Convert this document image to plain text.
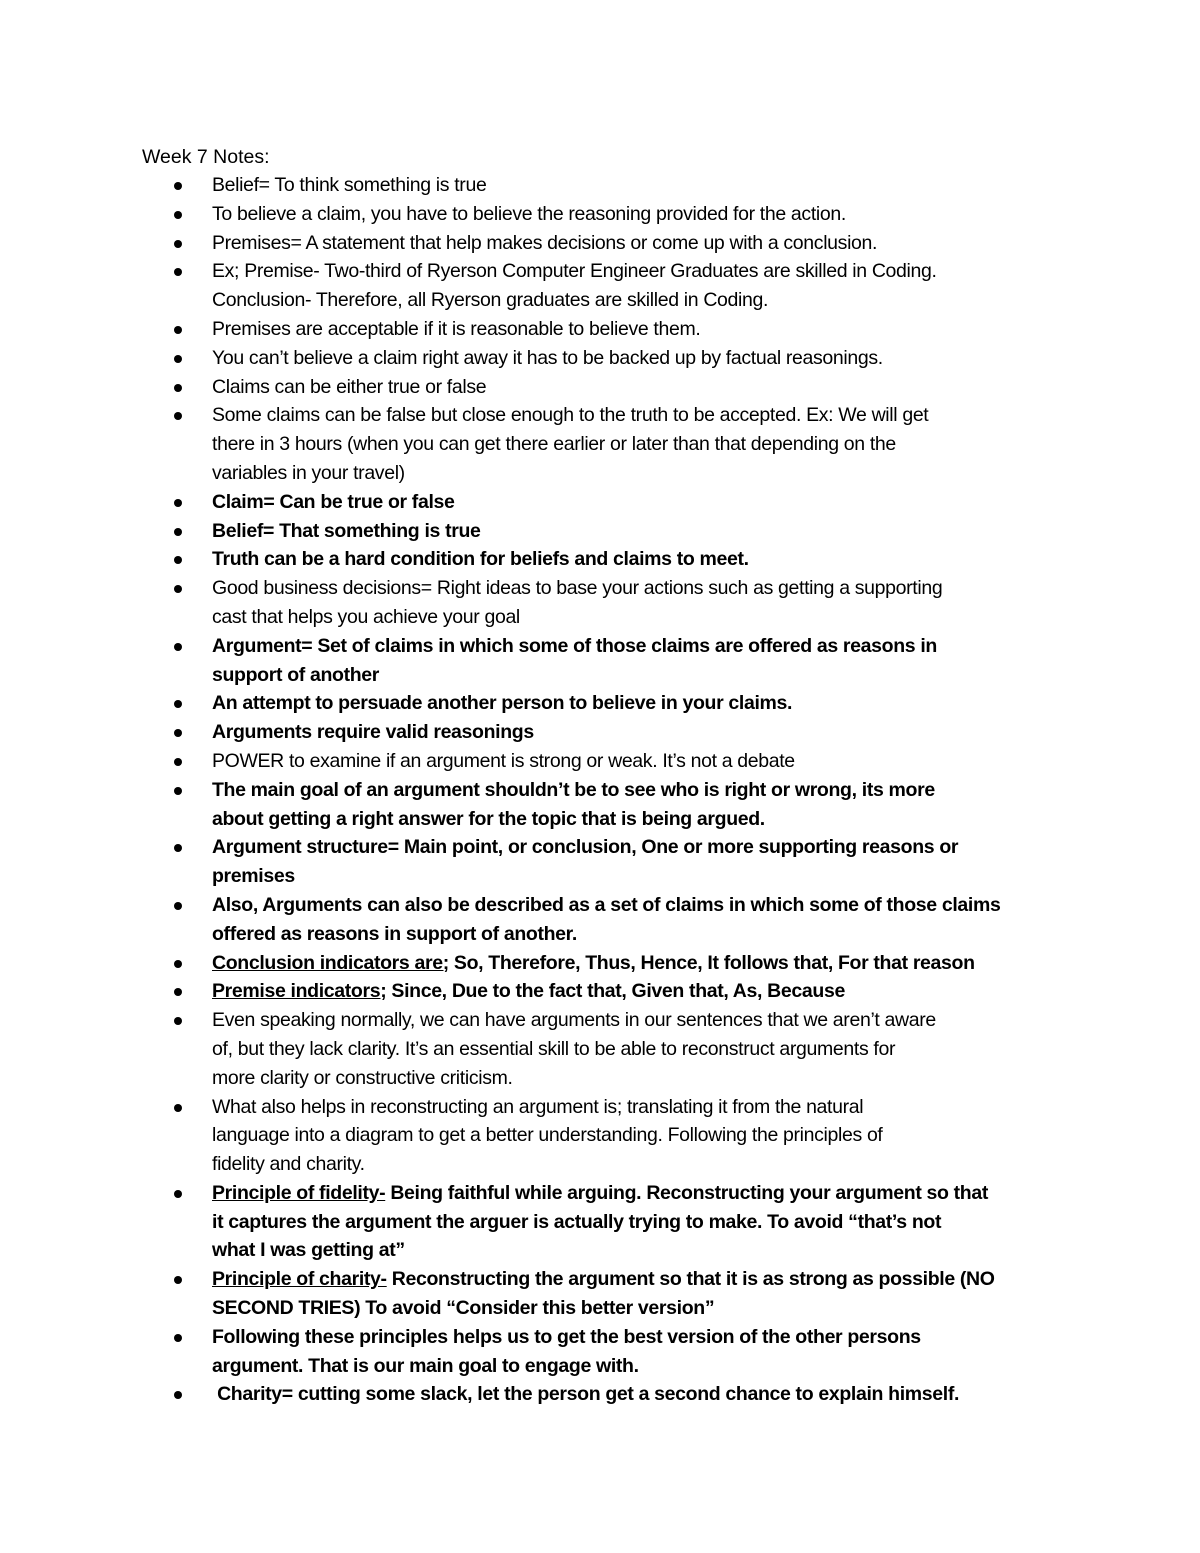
Week 7 Notes:
Belief= To think something is true
To believe a claim, you have to believe the reasoning provided for the action.
Premises= A statement that help makes decisions or come up with a conclusion.
Ex; Premise- Two-third of Ryerson Computer Engineer Graduates are skilled in Coding.
Conclusion- Therefore, all Ryerson graduates are skilled in Coding.
Premises are acceptable if it is reasonable to believe them.
You can’t believe a claim right away it has to be backed up by factual reasonings.
Claims can be either true or false
Some claims can be false but close enough to the truth to be accepted. Ex: We will get
there in 3 hours (when you can get there earlier or later than that depending on the
variables in your travel)
Claim= Can be true or false
Belief= That something is true
Truth can be a hard condition for beliefs and claims to meet.
Good business decisions= Right ideas to base your actions such as getting a supporting
cast that helps you achieve your goal
Argument= Set of claims in which some of those claims are offered as reasons in
support of another
An attempt to persuade another person to believe in your claims.
Arguments require valid reasonings
POWER to examine if an argument is strong or weak. It’s not a debate
The main goal of an argument shouldn’t be to see who is right or wrong, its more
about getting a right answer for the topic that is being argued.
Argument structure= Main point, or conclusion, One or more supporting reasons or
premises
Also, Arguments can also be described as a set of claims in which some of those claims
offered as reasons in support of another.
Conclusion indicators are; So, Therefore, Thus, Hence, It follows that, For that reason
Premise indicators; Since, Due to the fact that, Given that, As, Because
Even speaking normally, we can have arguments in our sentences that we aren’t aware
of, but they lack clarity. It’s an essential skill to be able to reconstruct arguments for
more clarity or constructive criticism.
What also helps in reconstructing an argument is; translating it from the natural
language into a diagram to get a better understanding. Following the principles of
fidelity and charity.
Principle of fidelity- Being faithful while arguing. Reconstructing your argument so that
it captures the argument the arguer is actually trying to make. To avoid “that’s not
what I was getting at”
Principle of charity- Reconstructing the argument so that it is as strong as possible (NO
SECOND TRIES) To avoid “Consider this better version”
Following these principles helps us to get the best version of the other persons
argument. That is our main goal to engage with.
Charity= cutting some slack, let the person get a second chance to explain himself.
